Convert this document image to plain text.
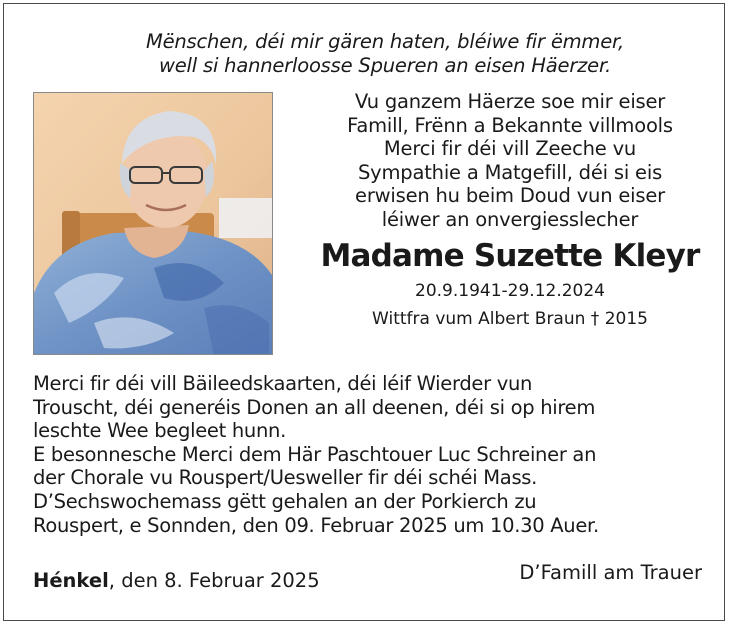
Mënschen, déi mir gären haten, bléiwe fir ëmmer,
well si hannerloosse Spueren an eisen Häerzer.
Vu ganzem Häerze soe mir eiser
Famill, Frënn a Bekannte villmools
Merci fir déi vill Zeeche vu
Sympathie a Matgefill, déi si eis
erwisen hu beim Doud vun eiser
léiwer an onvergiesslecher
Madame Suzette Kleyr
20.9.1941-29.12.2024
Wittfra vum Albert Braun † 2015
Merci fir déi vill Bäileedskaarten, déi léif Wierder vun
Trouscht, déi generéis Donen an all deenen, déi si op hirem
leschte Wee begleet hunn.
E besonnesche Merci dem Här Paschtouer Luc Schreiner an
der Chorale vu Rouspert/Uesweller fir déi schéi Mass.
D’Sechswochemass gëtt gehalen an der Porkierch zu
Rouspert, e Sonnden, den 09. Februar 2025 um 10.30 Auer.
Hénkel, den 8. Februar 2025	D’Famill am Trauer
